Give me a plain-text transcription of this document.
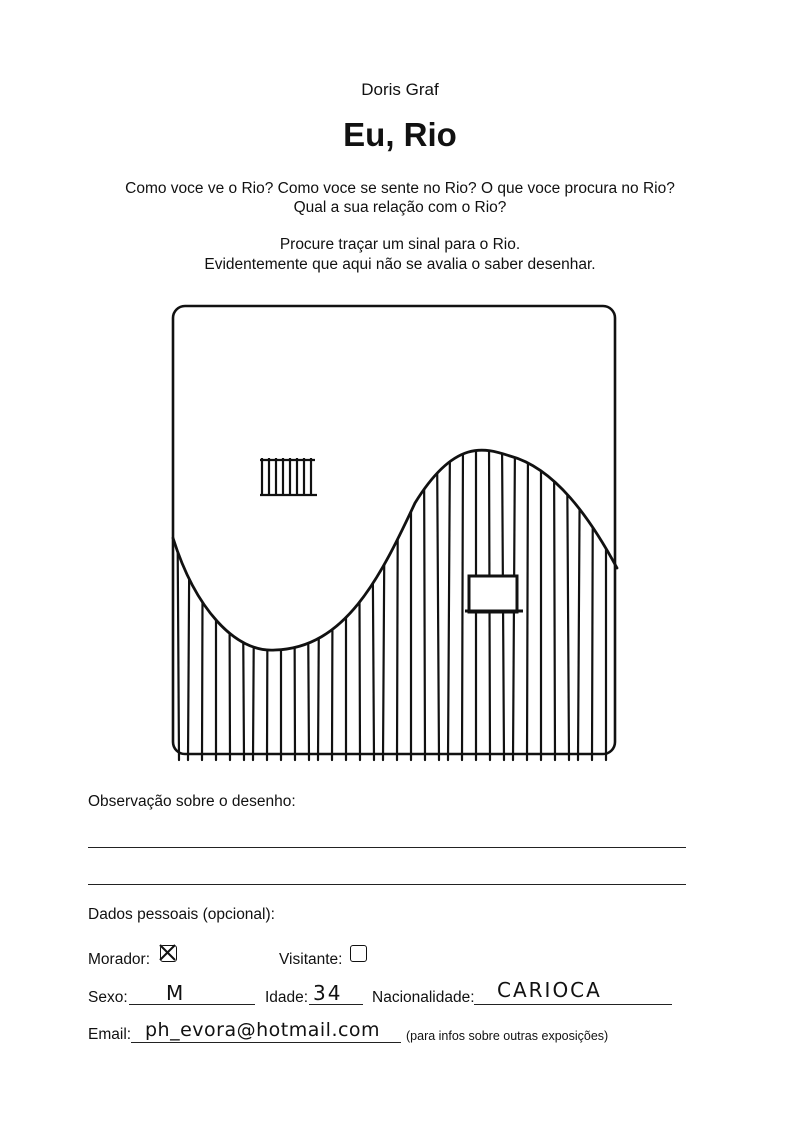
Doris Graf
Eu, Rio
Como voce ve o Rio? Como voce se sente no Rio? O que voce procura no Rio?
Qual a sua relação com o Rio?
Procure traçar um sinal para o Rio.
Evidentemente que aqui não se avalia o saber desenhar.
Observação sobre o desenho:
Dados pessoais (opcional):
Morador:	Visitante:
Sexo: M	Idade: 34 Nacionalidade: CARIOCA
Email: ph_evora@hotmail.com (para infos sobre outras exposições)
